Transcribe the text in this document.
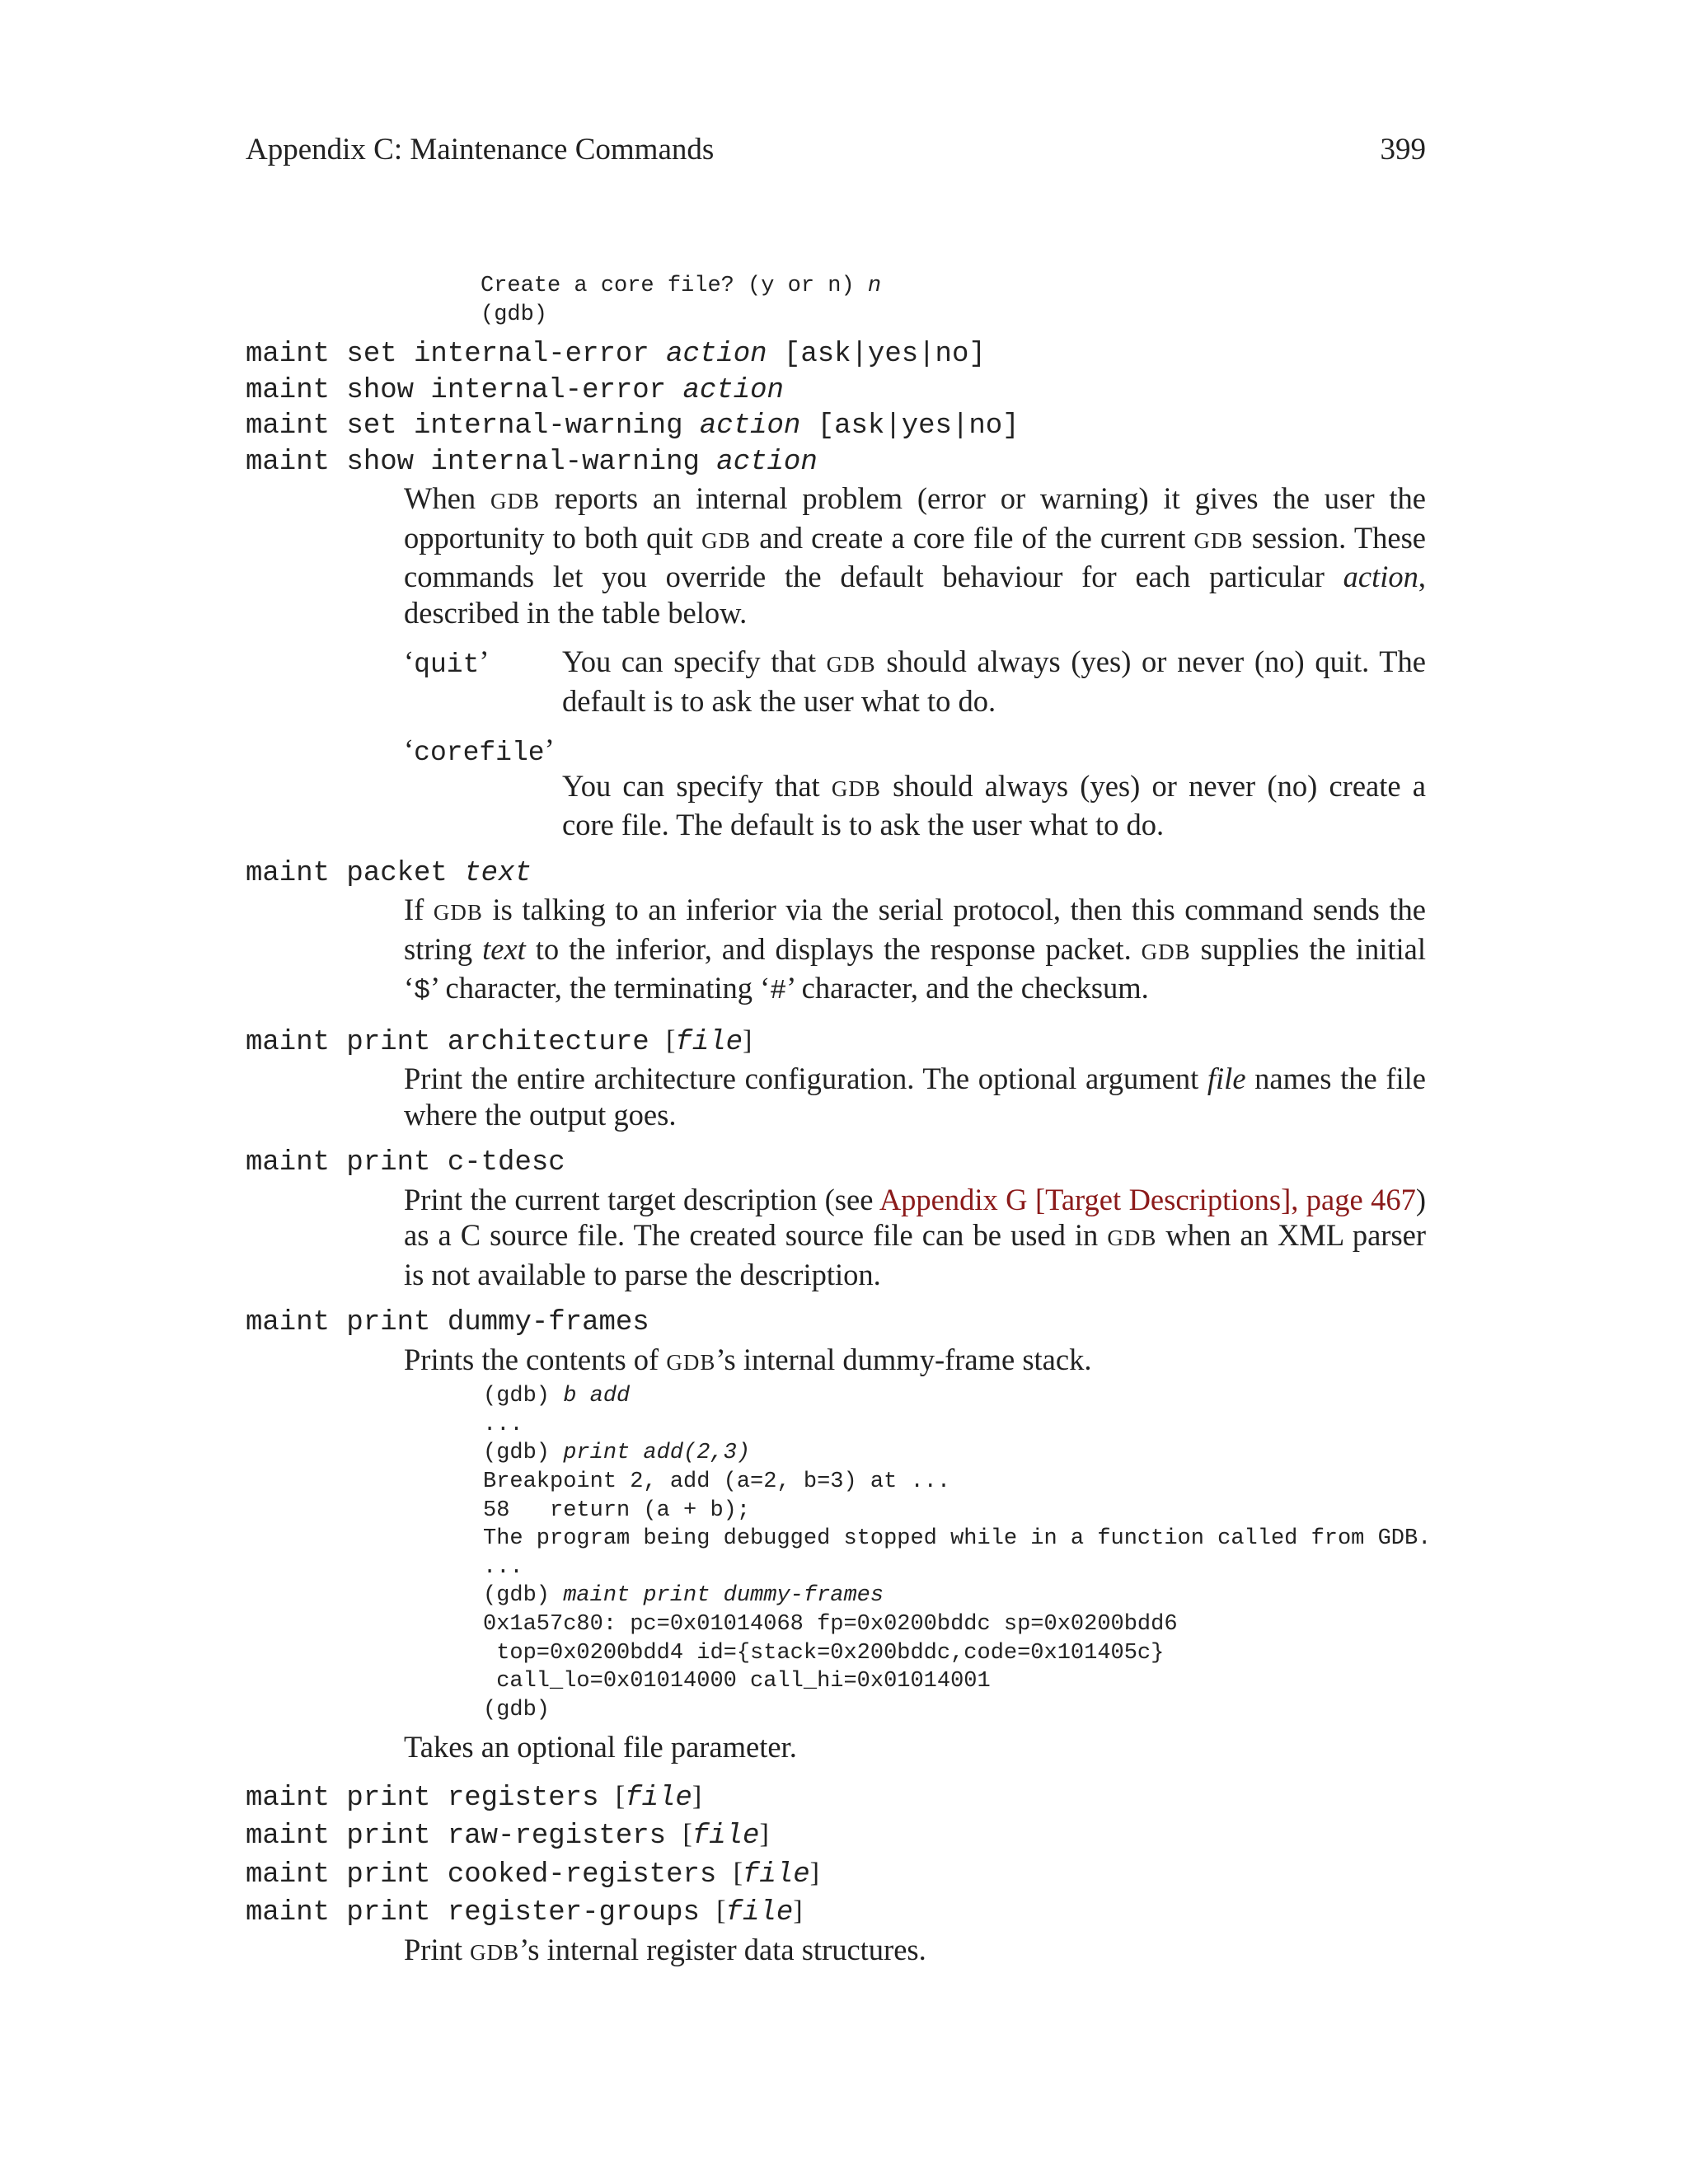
Appendix C: Maintenance Commands	399
Create a core file? (y or n) n
(gdb)
maint set internal-error action [ask|yes|no]
maint show internal-error action
maint set internal-warning action [ask|yes|no]
maint show internal-warning action

When GDB reports an internal problem (error or warning) it gives the user the opportunity to both quit GDB and create a core file of the current GDB session. These commands let you override the default behaviour for each particular action, described in the table below.

‘quit’	You can specify that GDB should always (yes) or never (no) quit. The default is to ask the user what to do.
‘corefile’
You can specify that GDB should always (yes) or never (no) create a core file. The default is to ask the user what to do.
maint packet text

If GDB is talking to an inferior via the serial protocol, then this command sends the string text to the inferior, and displays the response packet. GDB supplies the initial ‘$’ character, the terminating ‘#’ character, and the checksum.

maint print architecture [file]

Print the entire architecture configuration. The optional argument file names the file where the output goes.

maint print c-tdesc

Print the current target description (see Appendix G [Target Descriptions], page 467) as a C source file. The created source file can be used in GDB when an XML parser is not available to parse the description.

maint print dummy-frames

Prints the contents of GDB’s internal dummy-frame stack.

(gdb) b add
...
(gdb) print add(2,3)
Breakpoint 2, add (a=2, b=3) at ...
58   return (a + b);
The program being debugged stopped while in a function called from GDB.
...
(gdb) maint print dummy-frames
0x1a57c80: pc=0x01014068 fp=0x0200bddc sp=0x0200bdd6
top=0x0200bdd4 id={stack=0x200bddc,code=0x101405c}
call_lo=0x01014000 call_hi=0x01014001
(gdb)

Takes an optional file parameter.

maint print registers [file]
maint print raw-registers [file]
maint print cooked-registers [file]
maint print register-groups [file]

Print GDB’s internal register data structures.
